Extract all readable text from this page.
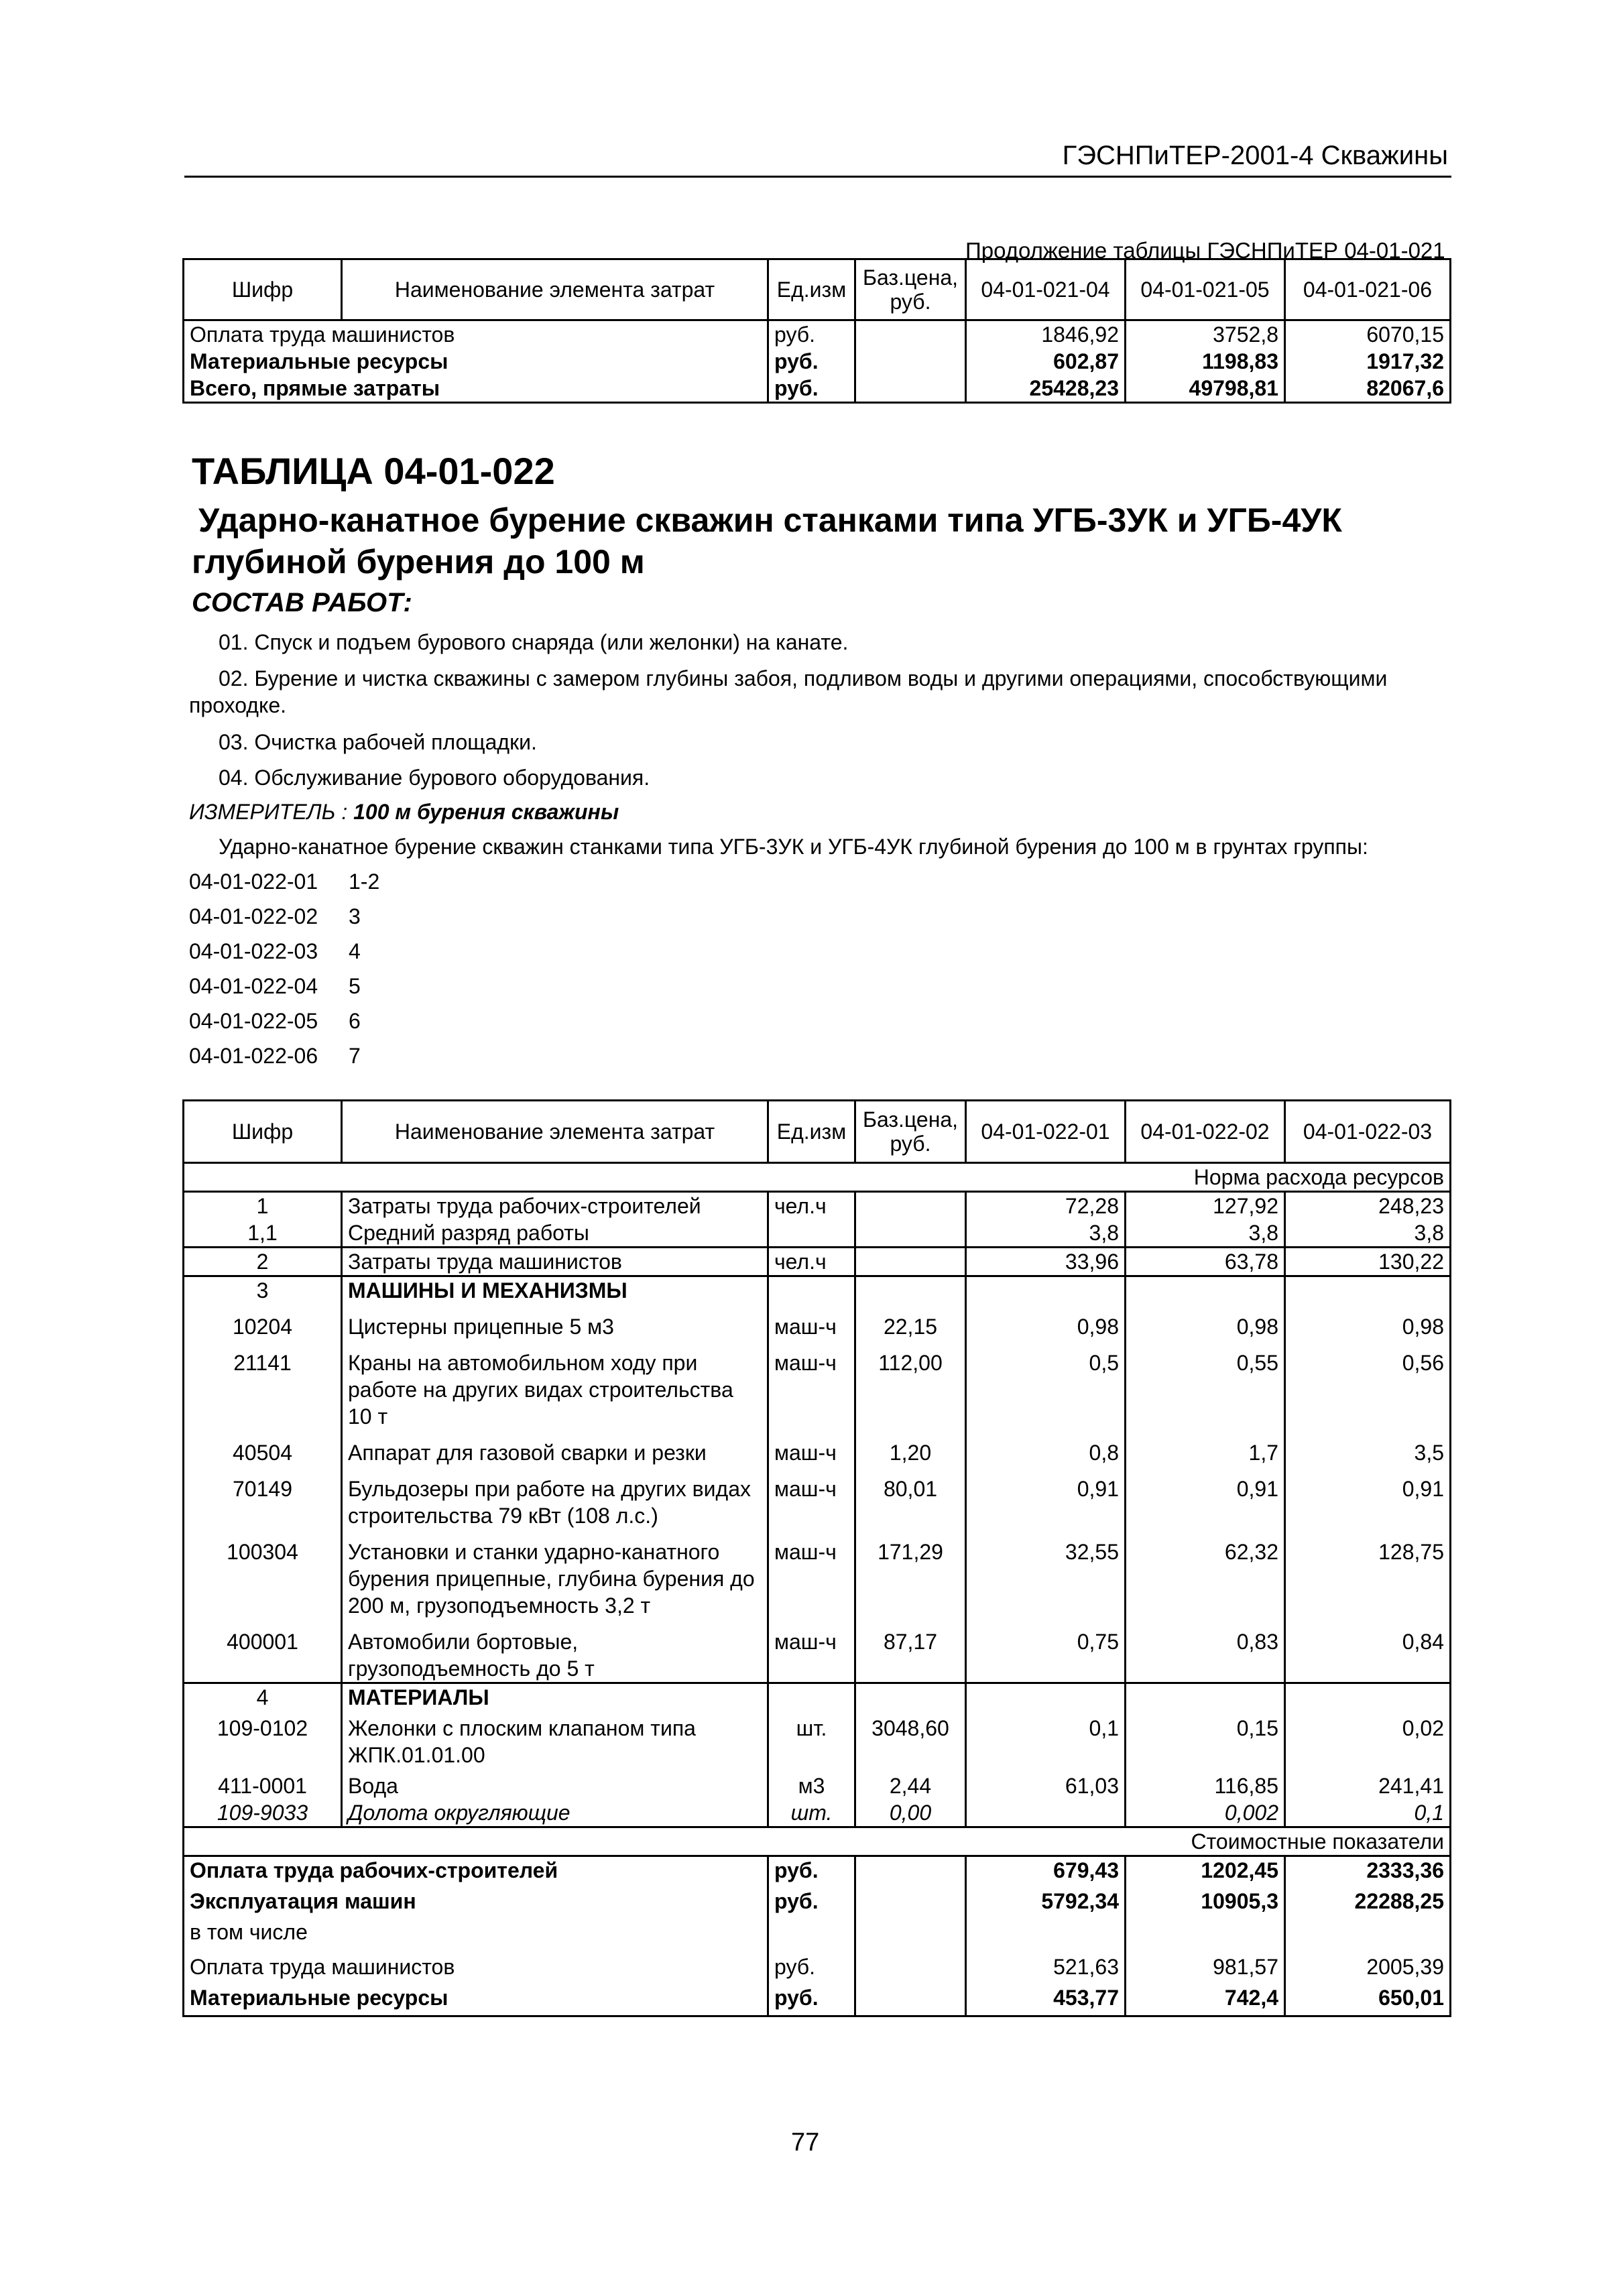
ГЭСНПиТЕР-2001-4 Скважины
Продолжение таблицы ГЭСНПиТЕР 04-01-021
Шифр	Наименование элемента затрат	Ед.изм	Баз.цена, руб.	04-01-021-04	04-01-021-05	04-01-021-06
Оплата труда машинистов		руб.		1846,92	3752,8	6070,15
Материальные ресурсы		руб.		602,87	1198,83	1917,32
Всего, прямые затраты		руб.		25428,23	49798,81	82067,6
ТАБЛИЦА 04-01-022
Ударно-канатное бурение скважин станками типа УГБ-3УК и УГБ-4УК глубиной бурения до 100 м
СОСТАВ РАБОТ:
01. Спуск и подъем бурового снаряда (или желонки) на канате.
02. Бурение и чистка скважины с замером глубины забоя, подливом воды и другими операциями, способствующими проходке.
03. Очистка рабочей площадки.
04. Обслуживание бурового оборудования.
ИЗМЕРИТЕЛЬ : 100 м бурения скважины
Ударно-канатное бурение скважин станками типа УГБ-3УК и УГБ-4УК глубиной бурения до 100 м в грунтах группы:
04-01-022-01 1-2
04-01-022-02 3
04-01-022-03 4
04-01-022-04 5
04-01-022-05 6
04-01-022-06 7
Шифр	Наименование элемента затрат	Ед.изм	Баз.цена, руб.	04-01-022-01	04-01-022-02	04-01-022-03
Норма расхода ресурсов						
1	Затраты труда рабочих-строителей	чел.ч		72,28	127,92	248,23
1,1	Средний разряд работы			3,8	3,8	3,8
2	Затраты труда машинистов	чел.ч		33,96	63,78	130,22
3	МАШИНЫ И МЕХАНИЗМЫ					
10204	Цистерны прицепные 5 м3	маш-ч	22,15	0,98	0,98	0,98
21141	Краны на автомобильном ходу при работе на других видах строительства 10 т	маш-ч	112,00	0,5	0,55	0,56
40504	Аппарат для газовой сварки и резки	маш-ч	1,20	0,8	1,7	3,5
70149	Бульдозеры при работе на других видах строительства 79 кВт (108 л.с.)	маш-ч	80,01	0,91	0,91	0,91
100304	Установки и станки ударно-канатного бурения прицепные, глубина бурения до 200 м, грузоподъемность 3,2 т	маш-ч	171,29	32,55	62,32	128,75
400001	Автомобили бортовые, грузоподъемность до 5 т	маш-ч	87,17	0,75	0,83	0,84
4	МАТЕРИАЛЫ					
109-0102	Желонки с плоским клапаном типа ЖПК.01.01.00	шт.	3048,60	0,1	0,15	0,02
411-0001	Вода	м3	2,44	61,03	116,85	241,41
109-9033	Долота округляющие	шт.	0,00		0,002	0,1
Стоимостные показатели						
Оплата труда рабочих-строителей		руб.		679,43	1202,45	2333,36
Эксплуатация машин		руб.		5792,34	10905,3	22288,25
в том числе						
Оплата труда машинистов		руб.		521,63	981,57	2005,39
Материальные ресурсы		руб.		453,77	742,4	650,01
77
